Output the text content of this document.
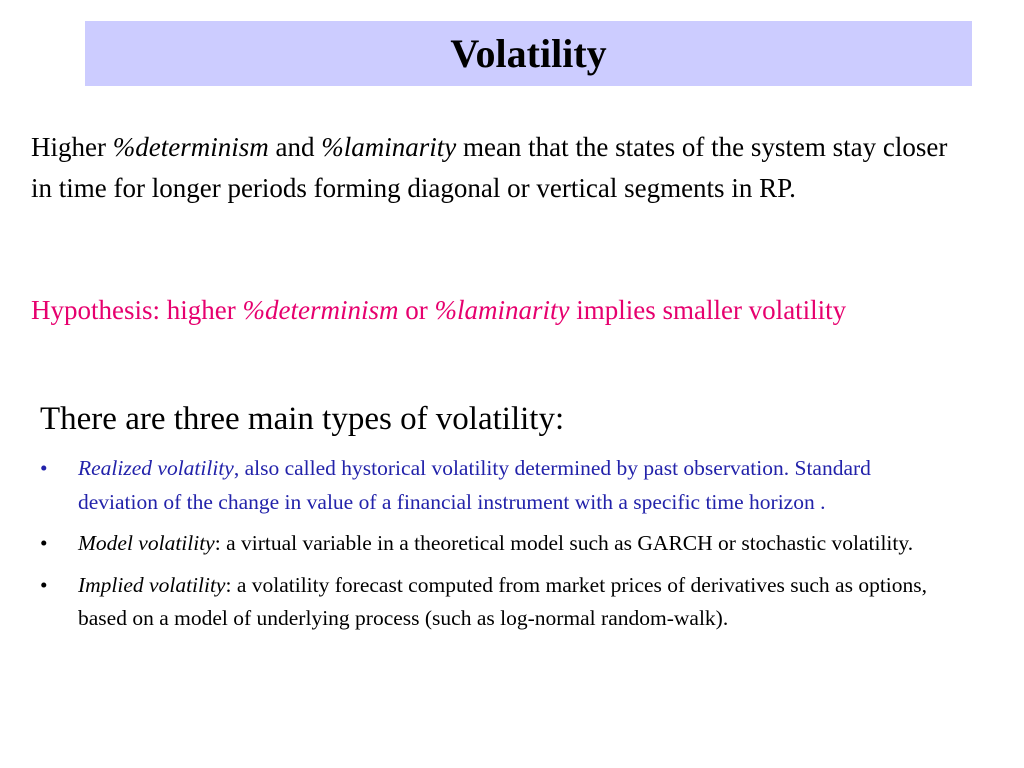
Volatility

Higher %determinism and %laminarity mean that the states of the system stay closer in time for longer periods forming diagonal or vertical segments in RP.

Hypothesis: higher %determinism or %laminarity implies smaller volatility

There are three main types of volatility:

•	Realized volatility, also called hystorical volatility determined by past observation. Standard deviation of the change in value of a financial instrument with a specific time horizon .
•	Model volatility: a virtual variable in a theoretical model such as GARCH or stochastic volatility.
•	Implied volatility: a volatility forecast computed from market prices of derivatives such as options, based on a model of underlying process (such as log-normal random-walk).
